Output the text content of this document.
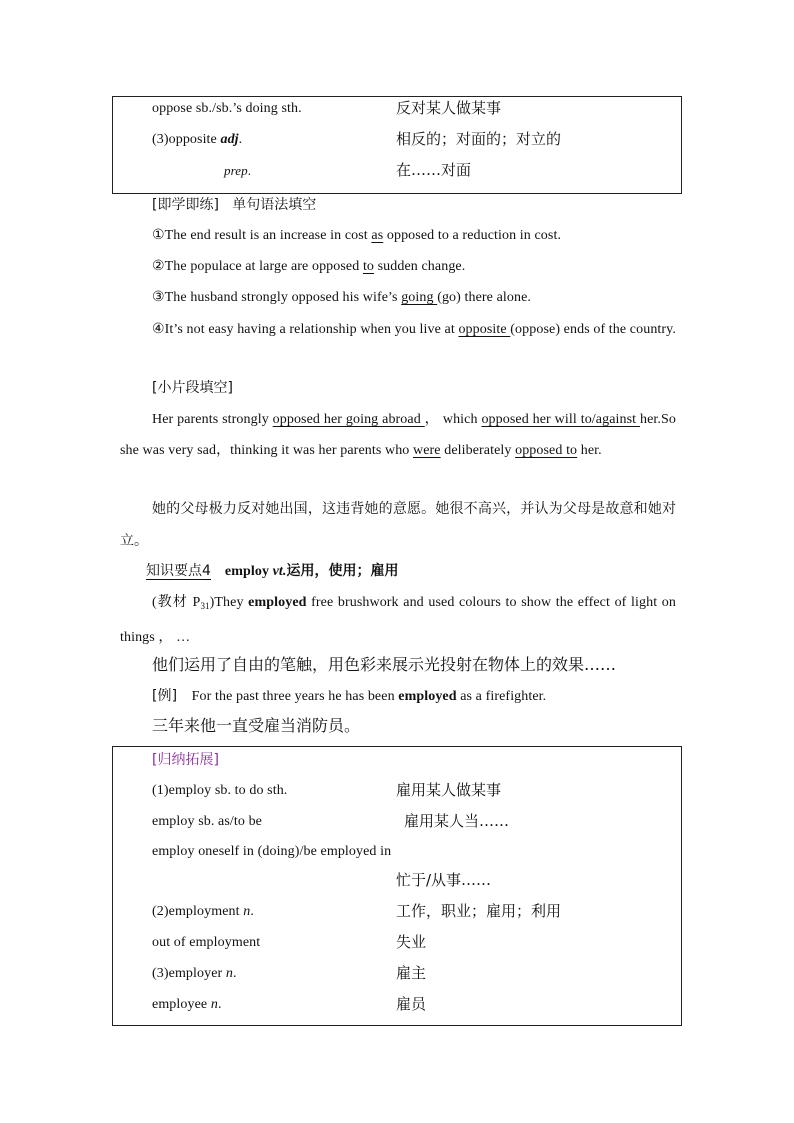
oppose sb./sb.’s doing sth.	反对某人做某事
(3)opposite adj.	相反的；对面的；对立的
prep.	在……对面
[即学即练] 单句语法填空
①The end result is an increase in cost as opposed to a reduction in cost.
②The populace at large are opposed to sudden change.
③The husband strongly opposed his wife’s going (go) there alone.
④It’s not easy having a relationship when you live at opposite (oppose) ends of the country.
[小片段填空]
Her parents strongly opposed her going abroad ， which opposed her will to/against her.So she was very sad，thinking it was her parents who were deliberately opposed to her.
她的父母极力反对她出国，这违背她的意愿。她很不高兴，并认为父母是故意和她对立。
知识要点4 employ vt.运用，使用；雇用
(教材 $P_{31})They$ employed free brushwork and used colours to show the effect of light on things ， …
他们运用了自由的笔触，用色彩来展示光投射在物体上的效果……
[例] For the past three years he has been employed as a firefighter.
三年来他一直受雇当消防员。
[归纳拓展]
(1)employ sb. to do sth.	雇用某人做某事
employ sb. as/to be	雇用某人当……
employ oneself in (doing)/be employed in
忙于/从事……
(2)employment n.	工作，职业；雇用；利用
out of employment	失业
(3)employer n.	雇主
employee n.	雇员
